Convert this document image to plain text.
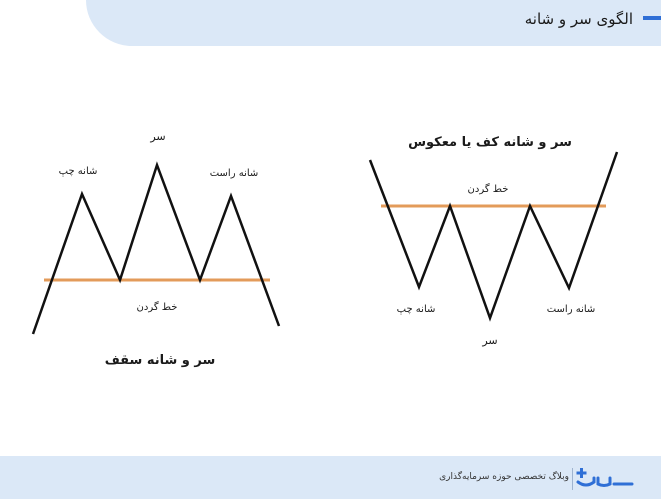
الگوی سر و شانه
سر
شانه چپ	شانه راست
خط گردن
سر و شانه سقف
سر و شانه کف یا معکوس
خط گردن
شانه چپ
سر
شانه راست
وبلاگ تخصصی حوزه سرمایه‌گذاری
